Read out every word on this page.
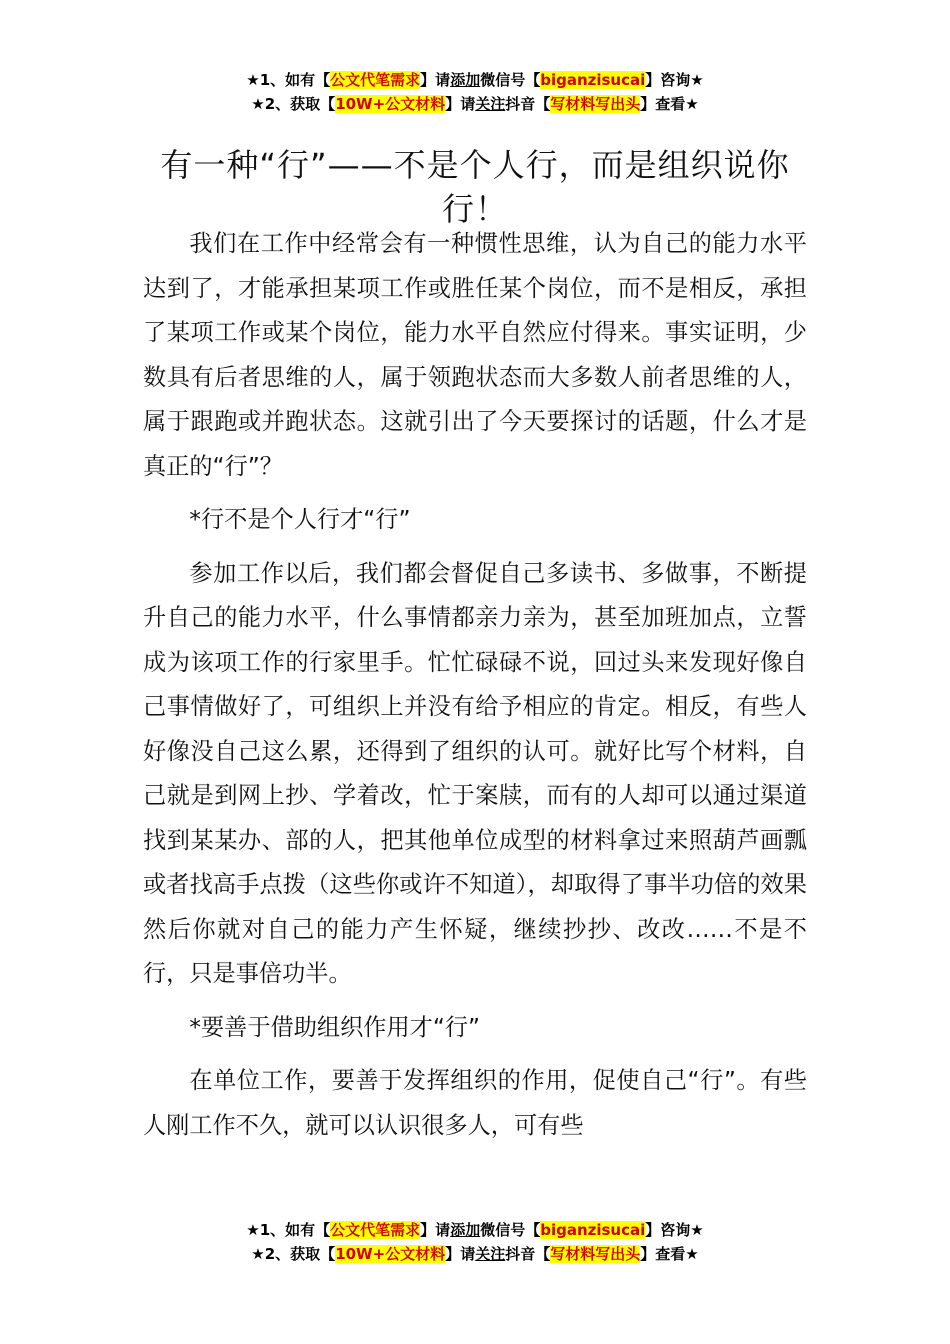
★1、如有【公文代笔需求】请添加微信号【biganzisucai】咨询★
★2、获取【10W+公文材料】请关注抖音【写材料写出头】查看★
有一种“行”——不是个人行，而是组织说你行！

我们在工作中经常会有一种惯性思维，认为自己的能力水平达到了，才能承担某项工作或胜任某个岗位，而不是相反，承担了某项工作或某个岗位，能力水平自然应付得来。事实证明，少数具有后者思维的人，属于领跑状态而大多数人前者思维的人，属于跟跑或并跑状态。这就引出了今天要探讨的话题，什么才是真正的“行”？

*行不是个人行才“行”

参加工作以后，我们都会督促自己多读书、多做事，不断提升自己的能力水平，什么事情都亲力亲为，甚至加班加点，立誓成为该项工作的行家里手。忙忙碌碌不说，回过头来发现好像自己事情做好了，可组织上并没有给予相应的肯定。相反，有些人好像没自己这么累，还得到了组织的认可。就好比写个材料，自己就是到网上抄、学着改，忙于案牍，而有的人却可以通过渠道找到某某办、部的人，把其他单位成型的材料拿过来照葫芦画瓢或者找高手点拨（这些你或许不知道），却取得了事半功倍的效果然后你就对自己的能力产生怀疑，继续抄抄、改改……不是不行，只是事倍功半。

*要善于借助组织作用才“行”

在单位工作，要善于发挥组织的作用，促使自己“行”。有些人刚工作不久，就可以认识很多人，可有些

★1、如有【公文代笔需求】请添加微信号【biganzisucai】咨询★
★2、获取【10W+公文材料】请关注抖音【写材料写出头】查看★
